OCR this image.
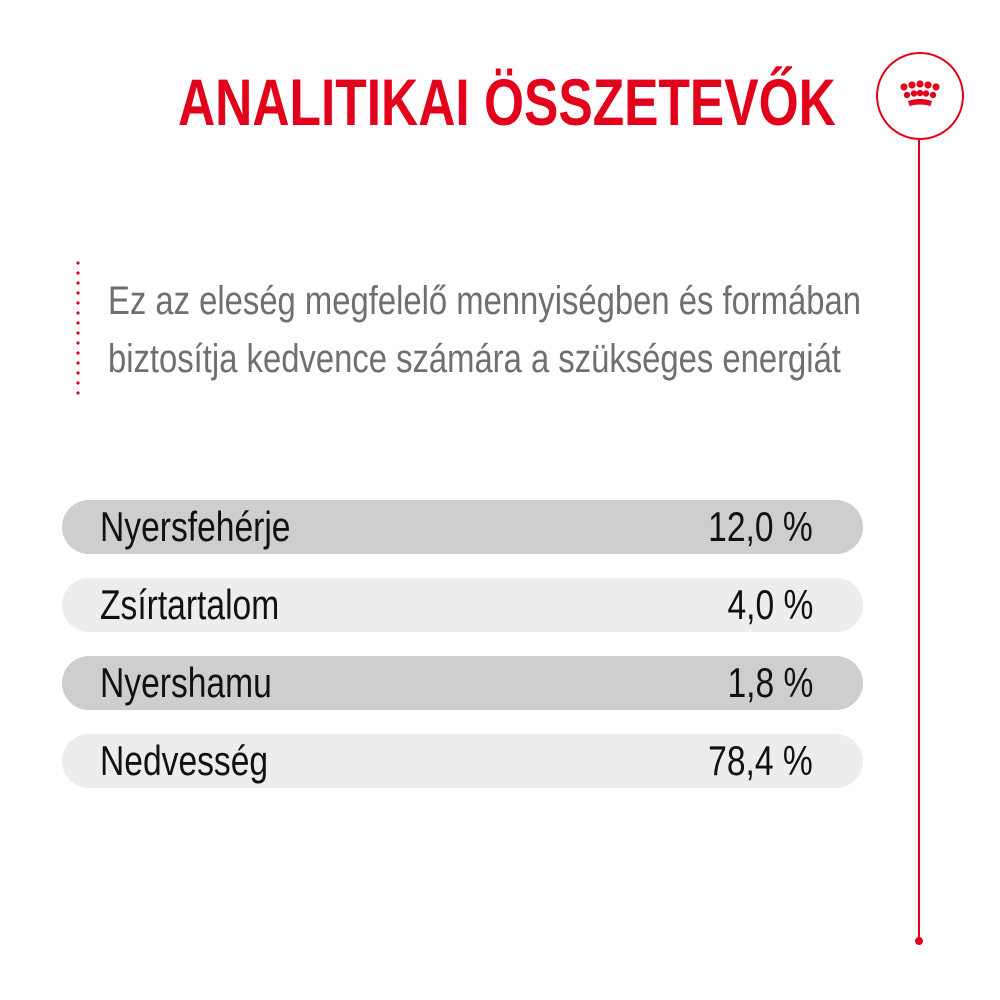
ANALITIKAI ÖSSZETEVŐK
Ez az eleség megfelelő mennyiségben és formában
biztosítja kedvence számára a szükséges energiát
Nyersfehérje	12,0 %
Zsírtartalom	4,0 %
Nyershamu	1,8 %
Nedvesség	78,4 %
